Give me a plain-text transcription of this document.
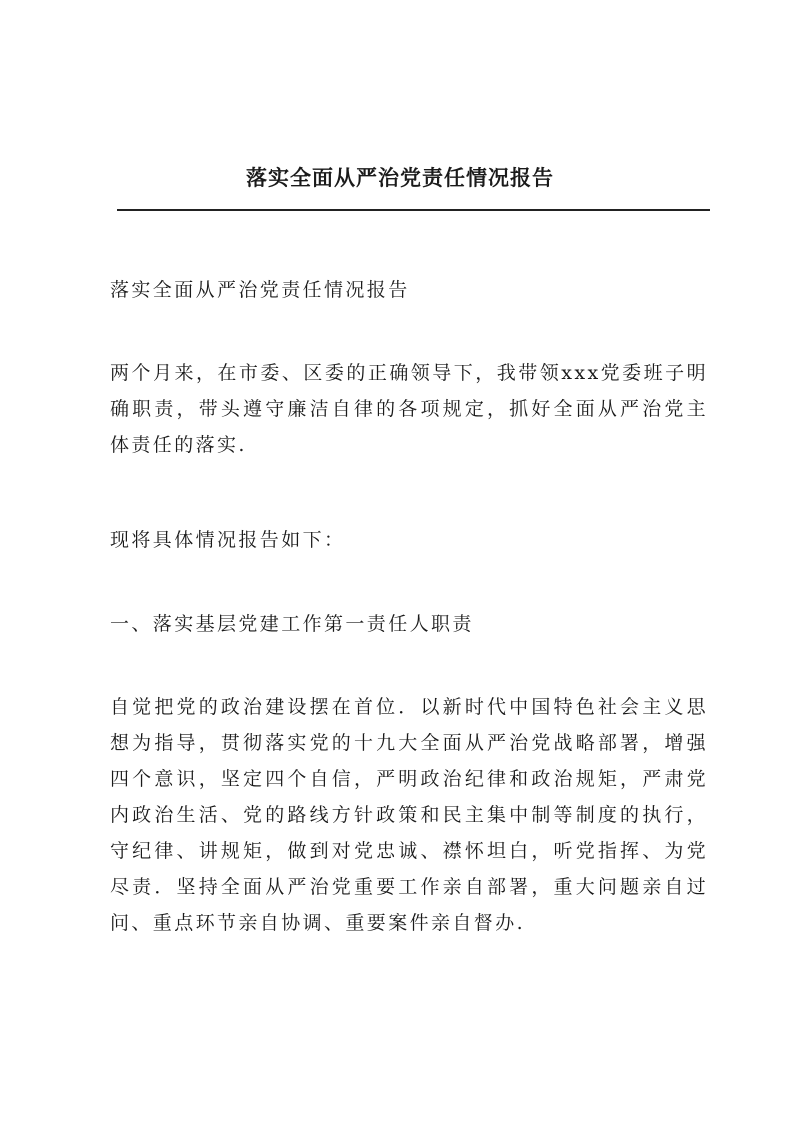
落实全面从严治党责任情况报告

落实全面从严治党责任情况报告

两个月来，在市委、区委的正确领导下，我带领xxx党委班子明确职责，带头遵守廉洁自律的各项规定，抓好全面从严治党主体责任的落实.

现将具体情况报告如下：

一、落实基层党建工作第一责任人职责

自觉把党的政治建设摆在首位．以新时代中国特色社会主义思想为指导，贯彻落实党的十九大全面从严治党战略部署，增强四个意识，坚定四个自信，严明政治纪律和政治规矩，严肃党内政治生活、党的路线方针政策和民主集中制等制度的执行，守纪律、讲规矩，做到对党忠诚、襟怀坦白，听党指挥、为党尽责．坚持全面从严治党重要工作亲自部署，重大问题亲自过问、重点环节亲自协调、重要案件亲自督办.
